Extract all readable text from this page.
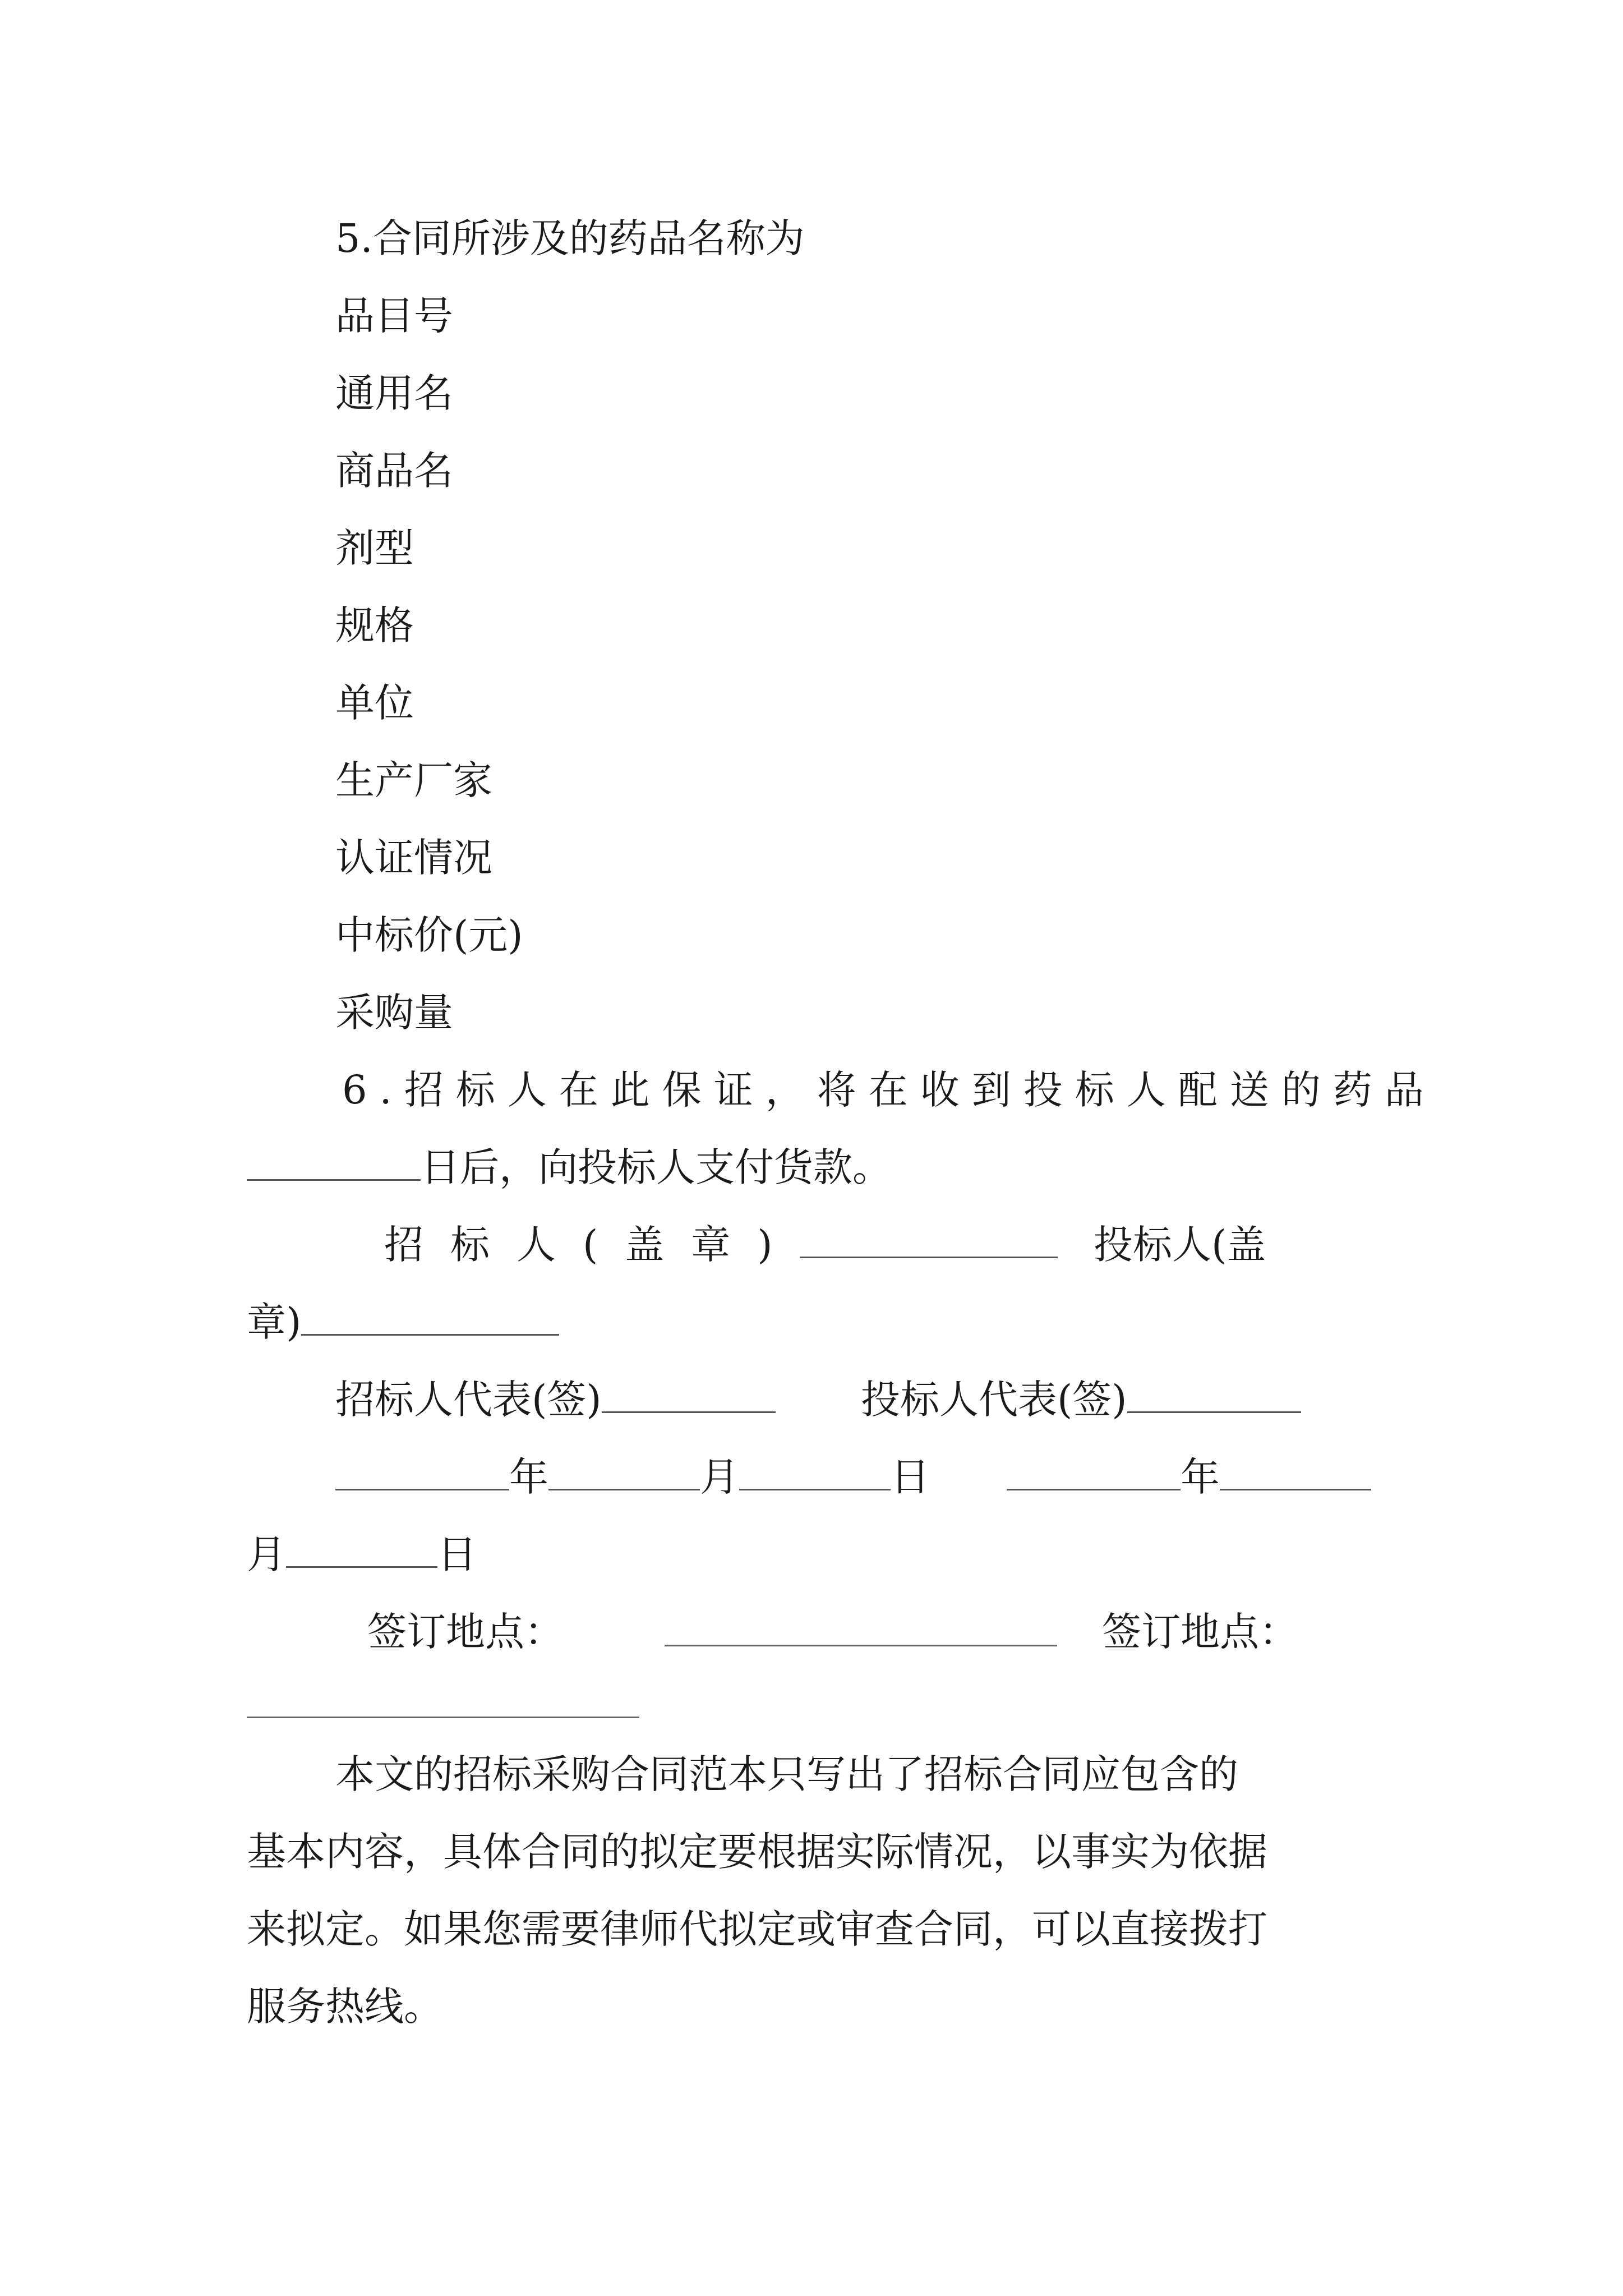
5.合同所涉及的药品名称为
品目号
通用名
商品名
剂型
规格
单位
生产厂家
认证情况
中标价(元)
采购量
6.招标人在此保证，将在收到投标人配送的药品
日后，向投标人支付货款。
招标人(盖章)	投标人(盖
章)
招标人代表(签)	投标人代表(签)
年	月	日	年
月	日
签订地点：	签订地点：
本文的招标采购合同范本只写出了招标合同应包含的
基本内容，具体合同的拟定要根据实际情况，以事实为依据
来拟定。如果您需要律师代拟定或审查合同，可以直接拨打
服务热线。
